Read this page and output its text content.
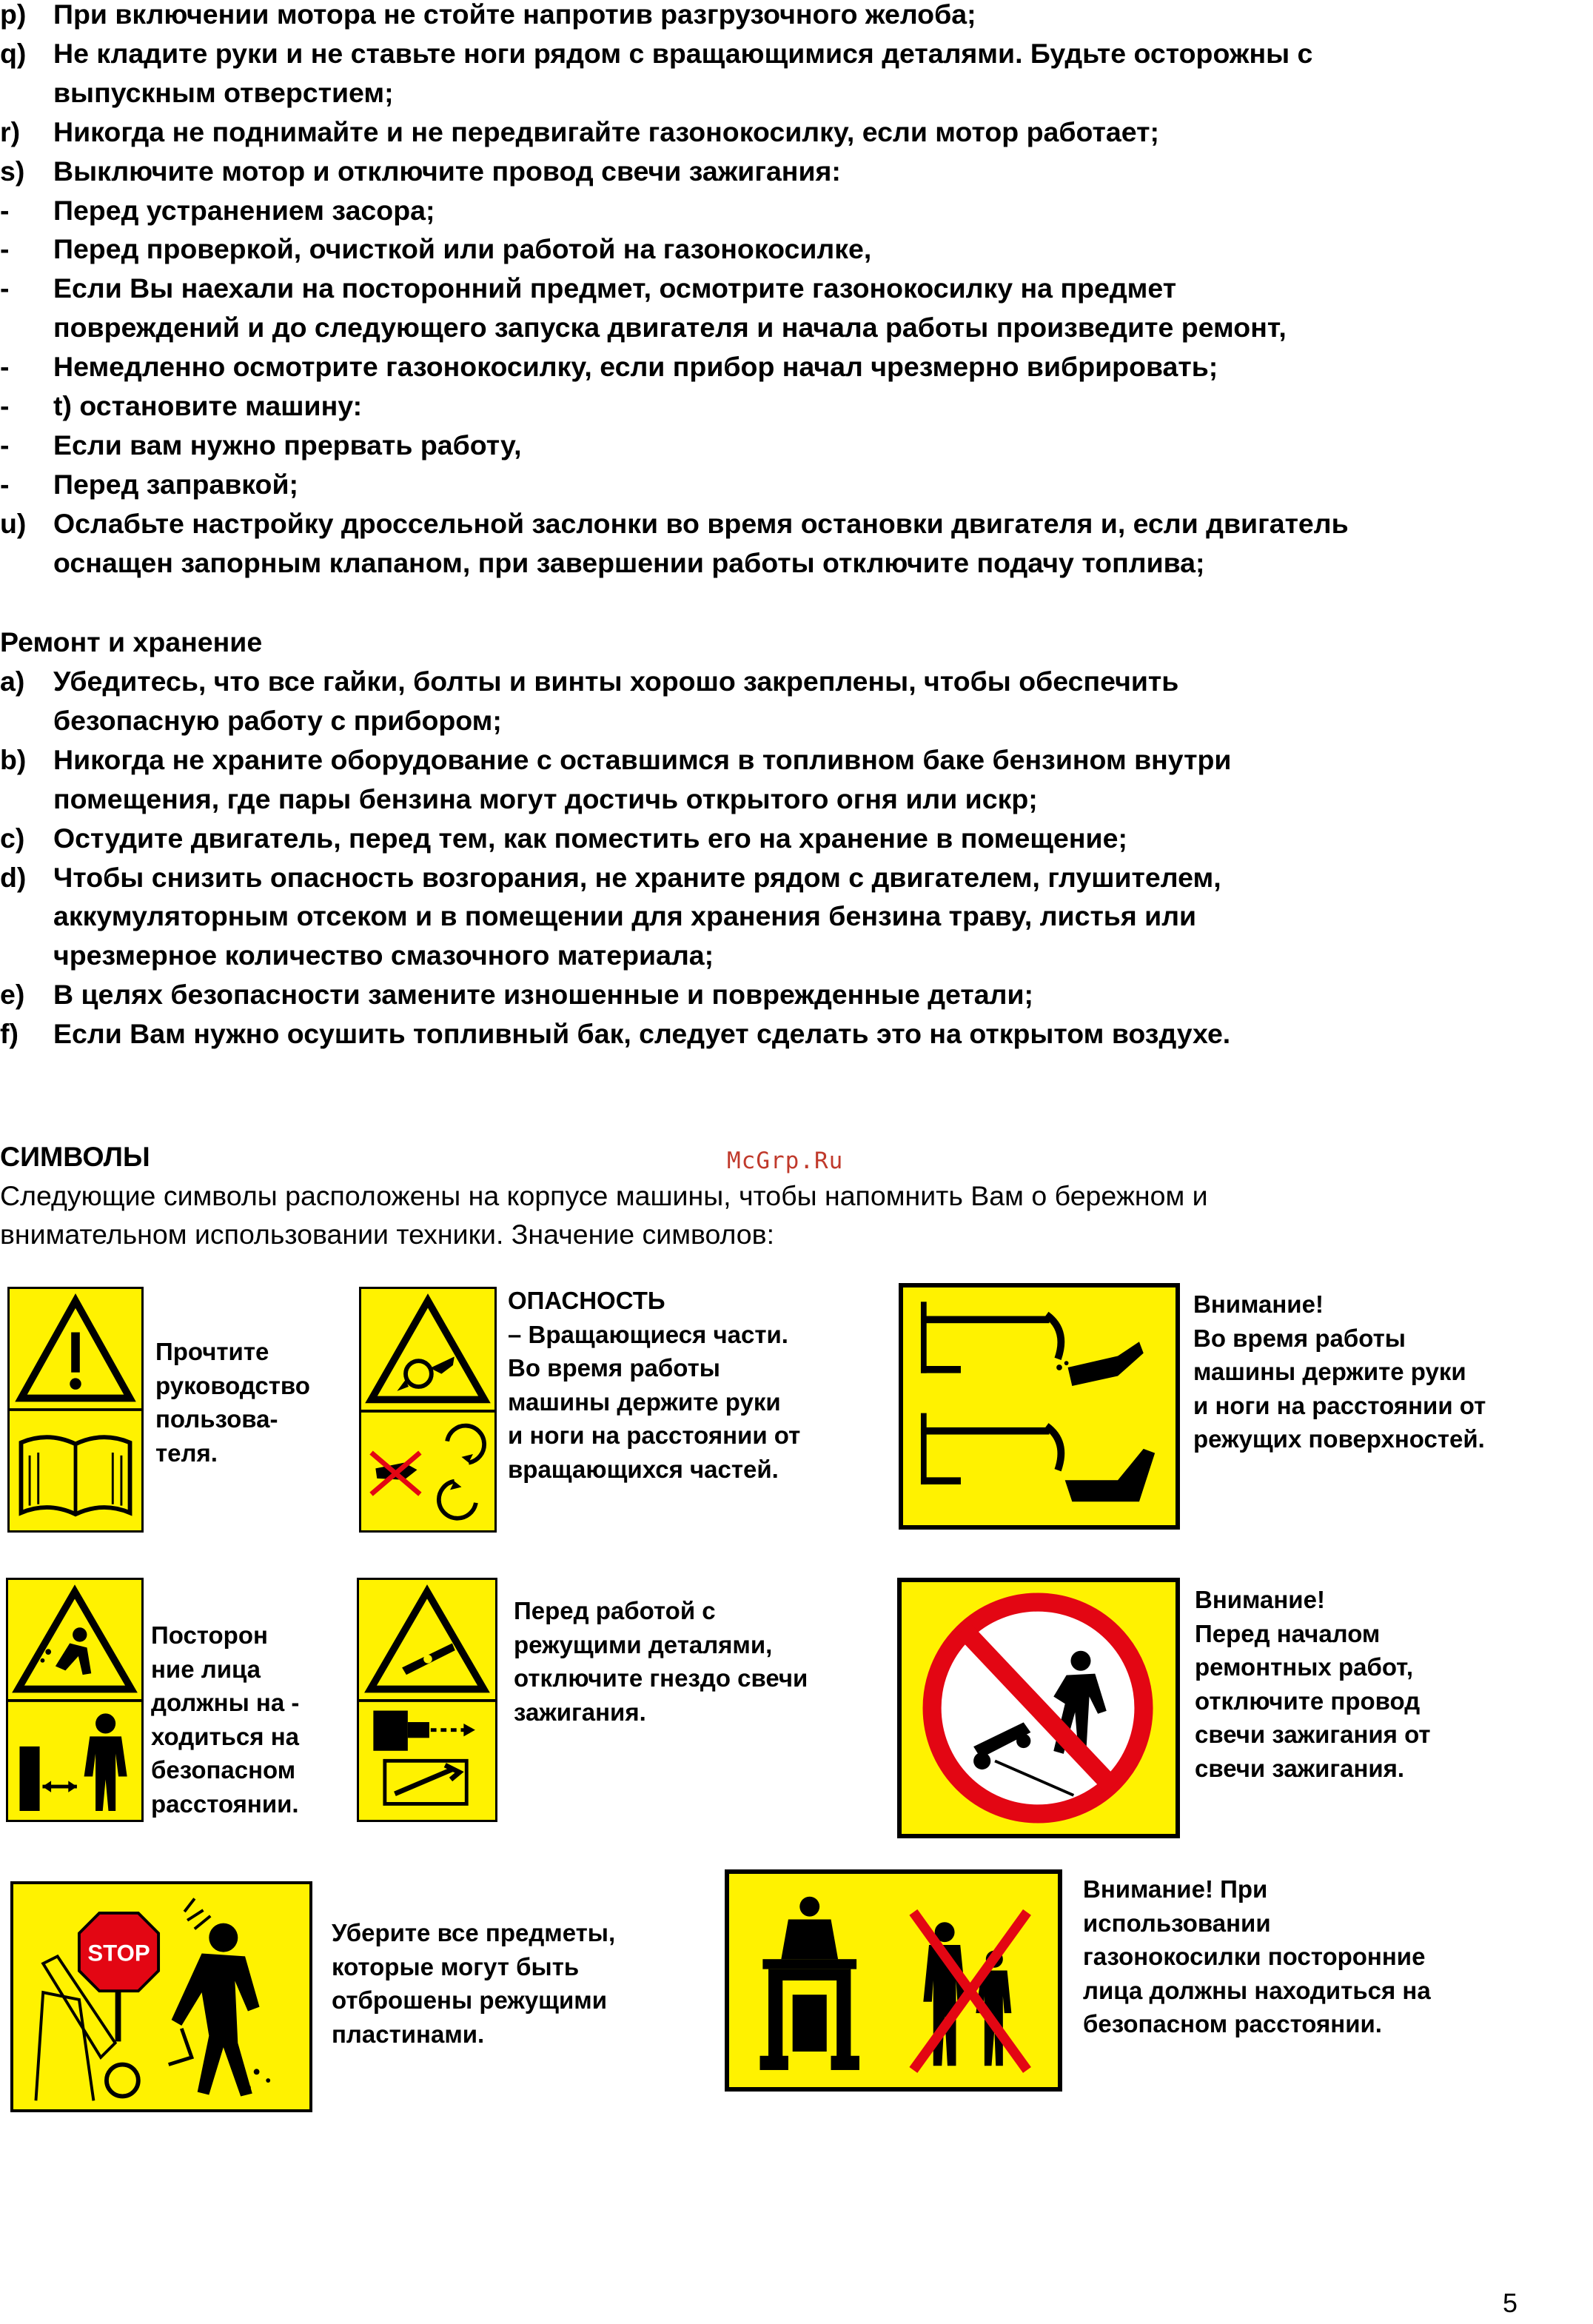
p) При включении мотора не стойте напротив разгрузочного желоба;
q) Не кладите руки и не ставьте ноги рядом с вращающимися деталями. Будьте осторожны с
выпускным отверстием;
r)	Никогда не поднимайте и не передвигайте газонокосилку, если мотор работает;
s)	Выключите мотор и отключите провод свечи зажигания:
-	Перед устранением засора;
-	Перед проверкой, очисткой или работой на газонокосилке,
-	Если Вы наехали на посторонний предмет, осмотрите газонокосилку на предмет
повреждений и до следующего запуска двигателя и начала работы произведите ремонт,
-	Немедленно осмотрите газонокосилку, если прибор начал чрезмерно вибрировать;
-	t) остановите машину:
-	Если вам нужно прервать работу,
-	Перед заправкой;
u) Ослабьте настройку дроссельной заслонки во время остановки двигателя и, если двигатель
оснащен запорным клапаном, при завершении работы отключите подачу топлива;
Ремонт и хранение
a)	Убедитесь, что все гайки, болты и винты хорошо закреплены, чтобы обеспечить
безопасную работу с прибором;
b) Никогда не храните оборудование с оставшимся в топливном баке бензином внутри
помещения, где пары бензина могут достичь открытого огня или искр;
c)	Остудите двигатель, перед тем, как поместить его на хранение в помещение;
d) Чтобы снизить опасность возгорания, не храните рядом с двигателем, глушителем,
аккумуляторным отсеком и в помещении для хранения бензина траву, листья или
чрезмерное количество смазочного материала;
e)	В целях безопасности замените изношенные и поврежденные детали;
f)	Если Вам нужно осушить топливный бак, следует сделать это на открытом воздухе.
СИМВОЛЫ	McGrp.Ru
Следующие символы расположены на корпусе машины, чтобы напомнить Вам о бережном и
внимательном использовании техники. Значение символов:
Прочтите
руководство
пользова-
теля.
ОПАСНОСТЬ
– Вращающиеся части.
Во время работы
машины держите руки
и ноги на расстоянии от
вращающихся частей.
Внимание!
Во время работы
машины держите руки
и ноги на расстоянии от
режущих поверхностей.
Посторон
ние лица
должны на -
ходиться на
безопасном
расстоянии.
Перед работой с
режущими деталями,
отключите гнездо свечи
зажигания.
Внимание!
Перед началом
ремонтных работ,
отключите провод
свечи зажигания от
свечи зажигания.
STOP
Уберите все предметы,
которые могут быть
отброшены режущими
пластинами.
Внимание! При
использовании
газонокосилки посторонние
лица должны находиться на
безопасном расстоянии.
5
